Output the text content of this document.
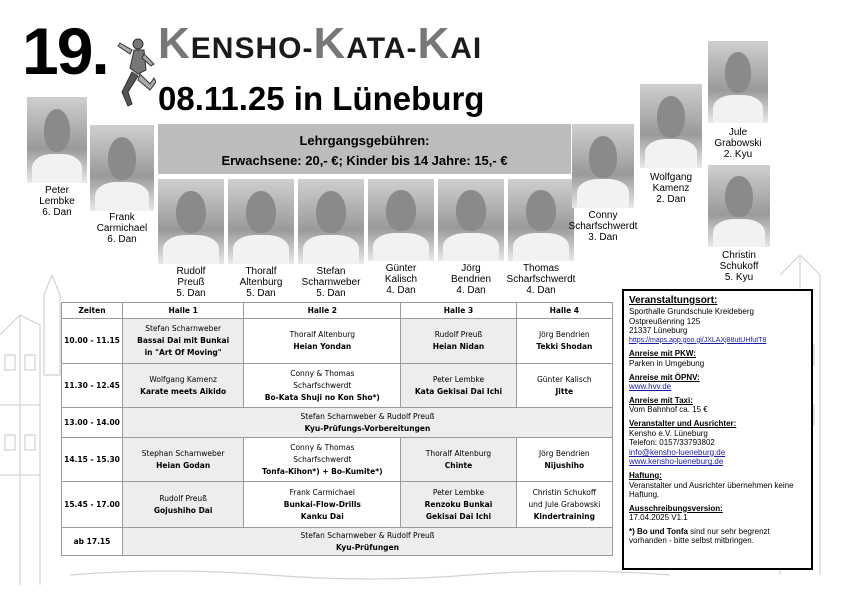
19. KENSHO-KATA-KAI
08.11.25 in Lüneburg
Lehrgangsgebühren:
Erwachsene: 20,- €; Kinder bis 14 Jahre: 15,- €
Peter
Lembke
6. Dan	Frank
Carmichael
6. Dan
Rudolf
Preuß
5. Dan
Thoralf
Altenburg
5. Dan
Stefan
Scharnweber
5. Dan
Günter
Kalisch
4. Dan
Jörg
Bendrien
4. Dan
Thomas
Scharfschwerdt
4. Dan
Conny
Scharfschwerdt
3. Dan
Wolfgang
Kamenz
2. Dan
Jule
Grabowski
2. Kyu
Christin
Schukoff
5. Kyu
Zeiten	Halle 1	Halle 2	Halle 3	Halle 4
10.00 - 11.15	Stefan Scharnweber
Bassai Dai mit Bunkai
in "Art Of Moving"	Thoralf Altenburg
Heian Yondan	Rudolf Preuß
Heian Nidan	Jörg Bendrien
Tekki Shodan

11.30 - 12.45	Wolfgang Kamenz
Karate meets Aikido	Conny & Thomas
Scharfschwerdt
Bo-Kata Shuji no Kon Sho*)	Peter Lembke
Kata Gekisai Dai Ichi	Günter Kalisch
Jitte

13.00 - 14.00	Stefan Scharnweber & Rudolf Preuß
Kyu-Prüfungs-Vorbereitungen			

14.15 - 15.30	Stephan Scharnweber
Heian Godan	Conny & Thomas
Scharfschwerdt
Tonfa-Kihon*) + Bo-Kumite*)	Thoralf Altenburg
Chinte	Jörg Bendrien
Nijushiho

15.45 - 17.00	Rudolf Preuß
Gojushiho Dai	Frank Carmichael
Bunkai-Flow-Drills
Kanku Dai	Peter Lembke
Renzoku Bunkai
Gekisai Dai Ichi	Christin Schukoff
und Jule Grabowski
Kindertraining

ab 17.15	Stefan Scharnweber & Rudolf Preuß
Kyu-Prüfungen			
Veranstaltungsort:
Sporthalle Grundschule Kreideberg
Ostpreußenring 125
21337 Lüneburg
https://maps.app.goo.gl/JXLAXj88utUHfutT8
Anreise mit PKW:
Parken in Umgebung
Anreise mit ÖPNV:
www.hvv.de
Anreise mit Taxi:
Vom Bahnhof ca. 15 €
Veranstalter und Ausrichter:
Kensho e.V. Lüneburg
Telefon: 0157/33793802
info@kensho-lueneburg.de
www.kensho-lueneburg.de
Haftung:
Veranstalter und Ausrichter übernehmen keine Haftung.
Ausschreibungsversion:
17.04.2025 V1.1
*) Bo und Tonfa sind nur sehr begrenzt vorhanden - bitte selbst mitbringen.
